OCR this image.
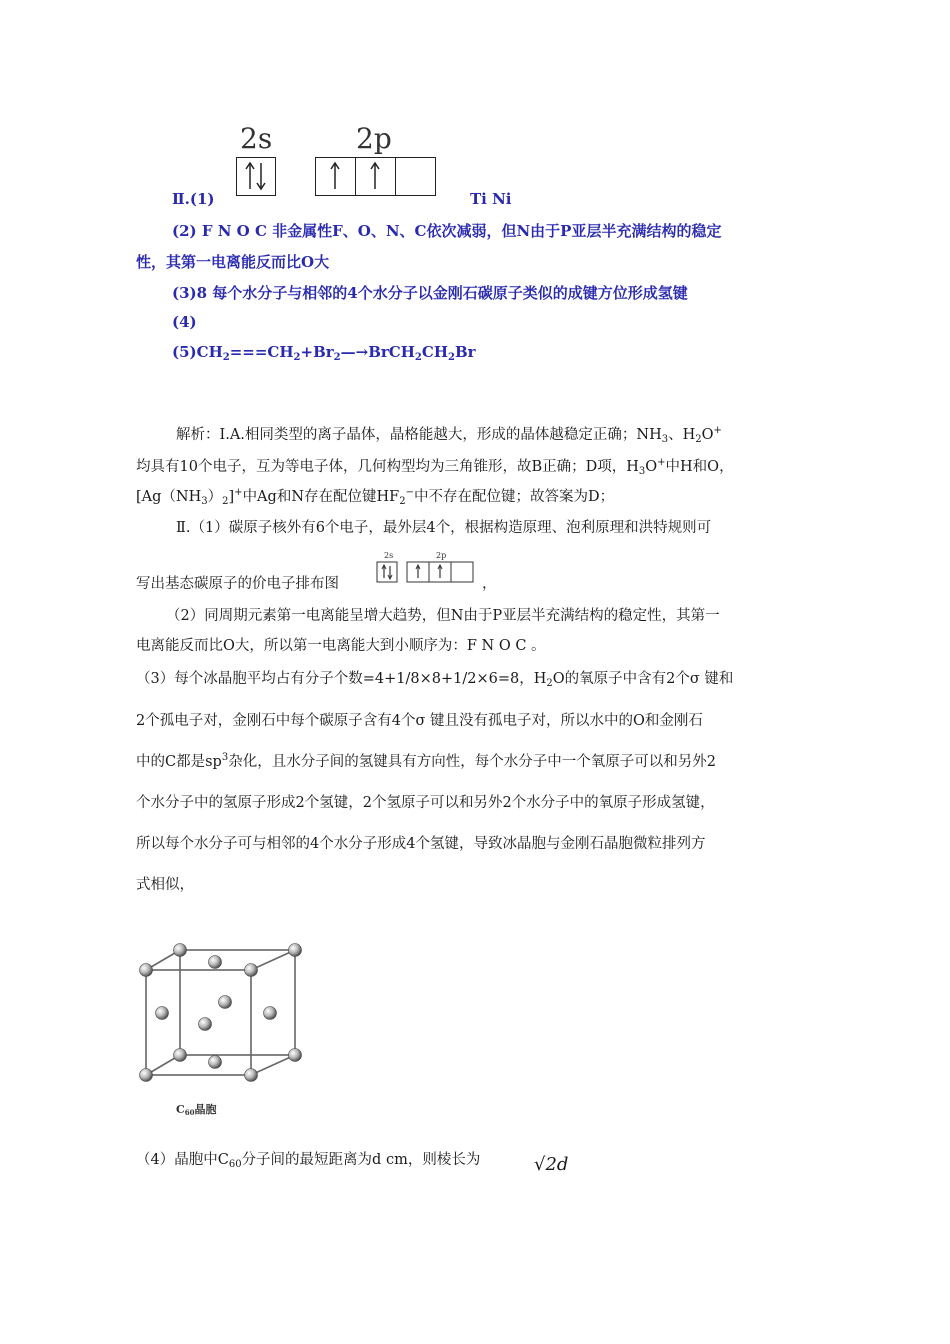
2s	2p
Ⅱ.(1)	Ti Ni
(2) F N O C 非金属性F、O、N、C依次减弱，但N由于P亚层半充满结构的稳定
性，其第一电离能反而比O大
(3)8 每个水分子与相邻的4个水分子以金刚石碳原子类似的成键方位形成氢键
(4)
$(5)CH_2===CH_2+Br_2—\to BrCH_2CH_2Br$
解析：Ⅰ.A.相同类型的离子晶体，晶格能越大，形成的晶体越稳定正确；$NH_3$、$H_2O^+$
均具有10个电子，互为等电子体，几何构型均为三角锥形，故B正确；D项，$H_3O^+$中H和O，
$[Ag(NH_3)_2]^+$中Ag和N存在配位键$HF_2^-$中不存在配位键；故答案为D；
Ⅱ.（1）碳原子核外有6个电子，最外层4个，根据构造原理、泡利原理和洪特规则可
写出基态碳原子的价电子排布图
2s	2p
，
（2）同周期元素第一电离能呈增大趋势，但N由于P亚层半充满结构的稳定性，其第一
电离能反而比O大，所以第一电离能大到小顺序为：F N O C 。
（3）每个冰晶胞平均占有分子个数=4+1/8×8+1/2×6=8，$H_2O$的氧原子中含有2个σ 键和
2个孤电子对，金刚石中每个碳原子含有4个σ 键且没有孤电子对，所以水中的O和金刚石
中的C都是$sp^3$杂化，且水分子间的氢键具有方向性，每个水分子中一个氧原子可以和另外2
个水分子中的氢原子形成2个氢键，2个氢原子可以和另外2个水分子中的氧原子形成氢键，
所以每个水分子可与相邻的4个水分子形成4个氢键，导致冰晶胞与金刚石晶胞微粒排列方
式相似，
C60晶胞
（4）晶胞中$C_{60}$分子间的最短距离为d cm，则棱长为	√2d
